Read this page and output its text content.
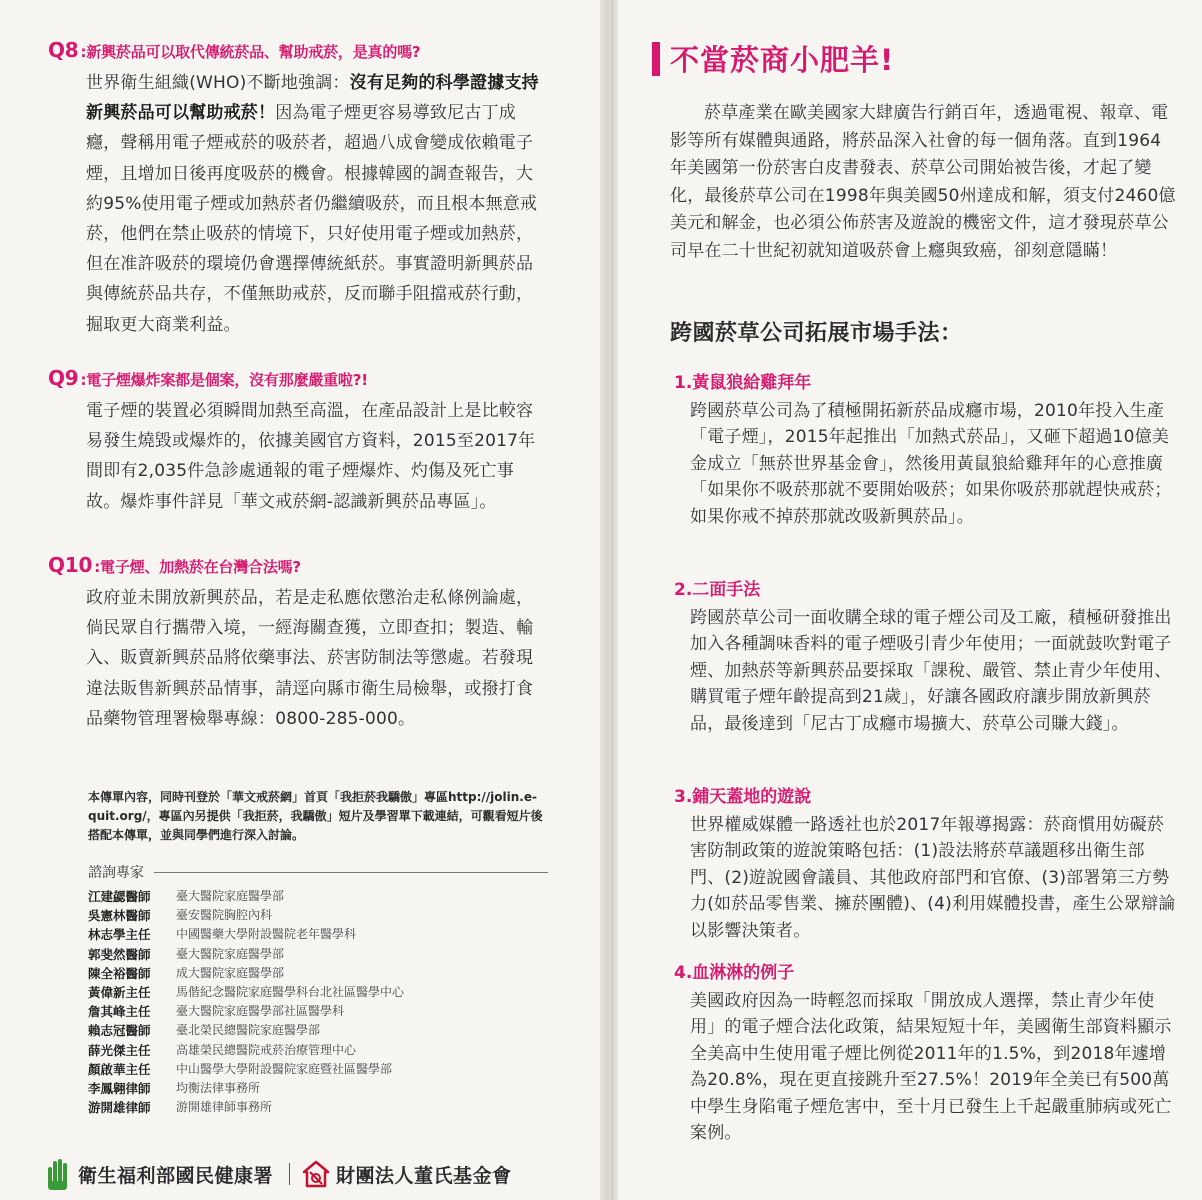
Q8 :新興菸品可以取代傳統菸品、幫助戒菸，是真的嗎?

世界衛生組織(WHO)不斷地強調：沒有足夠的科學證據支持新興菸品可以幫助戒菸！因為電子煙更容易導致尼古丁成癮，聲稱用電子煙戒菸的吸菸者，超過八成會變成依賴電子煙，且增加日後再度吸菸的機會。根據韓國的調查報告，大約95%使用電子煙或加熱菸者仍繼續吸菸，而且根本無意戒菸，他們在禁止吸菸的情境下，只好使用電子煙或加熱菸，但在准許吸菸的環境仍會選擇傳統紙菸。事實證明新興菸品與傳統菸品共存，不僅無助戒菸，反而聯手阻擋戒菸行動，掘取更大商業利益。

Q9 :電子煙爆炸案都是個案，沒有那麼嚴重啦?!

電子煙的裝置必須瞬間加熱至高溫，在產品設計上是比較容易發生燒毀或爆炸的，依據美國官方資料，2015至2017年間即有2,035件急診處通報的電子煙爆炸、灼傷及死亡事故。爆炸事件詳見「華文戒菸網-認識新興菸品專區」。

Q10 :電子煙、加熱菸在台灣合法嗎?

政府並未開放新興菸品，若是走私應依懲治走私條例論處，倘民眾自行攜帶入境，一經海關查獲，立即查扣；製造、輸入、販賣新興菸品將依藥事法、菸害防制法等懲處。若發現違法販售新興菸品情事，請逕向縣市衛生局檢舉，或撥打食品藥物管理署檢舉專線：0800-285-000。

本傳單內容，同時刊登於「華文戒菸網」首頁「我拒菸我驕傲」專區http://jolin.e-quit.org/，專區內另提供「我拒菸，我驕傲」短片及學習單下載連結，可觀看短片後搭配本傳單，並與同學們進行深入討論。

諮詢專家
江建勰醫師	臺大醫院家庭醫學部
吳憲林醫師	臺安醫院胸腔內科
林志學主任	中國醫藥大學附設醫院老年醫學科
郭斐然醫師	臺大醫院家庭醫學部
陳全裕醫師	成大醫院家庭醫學部
黃偉新主任	馬偕紀念醫院家庭醫學科台北社區醫學中心
詹其峰主任	臺大醫院家庭醫學部社區醫學科
賴志冠醫師	臺北榮民總醫院家庭醫學部
薛光傑主任	高雄榮民總醫院戒菸治療管理中心
顏啟華主任	中山醫學大學附設醫院家庭暨社區醫學部
李鳳翱律師	均衡法律事務所
游開雄律師	游開雄律師事務所
衛生福利部國民健康署	財團法人董氏基金會
不當菸商小肥羊!

菸草產業在歐美國家大肆廣告行銷百年，透過電視、報章、電影等所有媒體與通路，將菸品深入社會的每一個角落。直到1964年美國第一份菸害白皮書發表、菸草公司開始被告後，才起了變化，最後菸草公司在1998年與美國50州達成和解，須支付2460億美元和解金，也必須公佈菸害及遊說的機密文件，這才發現菸草公司早在二十世紀初就知道吸菸會上癮與致癌，卻刻意隱瞞！

跨國菸草公司拓展市場手法：
1.黃鼠狼給雞拜年

跨國菸草公司為了積極開拓新菸品成癮市場，2010年投入生產「電子煙」，2015年起推出「加熱式菸品」，又砸下超過10億美金成立「無菸世界基金會」，然後用黃鼠狼給雞拜年的心意推廣「如果你不吸菸那就不要開始吸菸；如果你吸菸那就趕快戒菸；如果你戒不掉菸那就改吸新興菸品」。

2.二面手法

跨國菸草公司一面收購全球的電子煙公司及工廠，積極研發推出加入各種調味香料的電子煙吸引青少年使用；一面就鼓吹對電子煙、加熱菸等新興菸品要採取「課稅、嚴管、禁止青少年使用、購買電子煙年齡提高到21歲」，好讓各國政府讓步開放新興菸品，最後達到「尼古丁成癮市場擴大、菸草公司賺大錢」。

3.鋪天蓋地的遊說

世界權威媒體一路透社也於2017年報導揭露：菸商慣用妨礙菸害防制政策的遊說策略包括：(1)設法將菸草議題移出衛生部門、(2)遊說國會議員、其他政府部門和官僚、(3)部署第三方勢力(如菸品零售業、擁菸團體)、(4)利用媒體投書，產生公眾辯論以影響決策者。

4.血淋淋的例子

美國政府因為一時輕忽而採取「開放成人選擇，禁止青少年使用」的電子煙合法化政策，結果短短十年，美國衛生部資料顯示全美高中生使用電子煙比例從2011年的1.5%，到2018年遽增為20.8%，現在更直接跳升至27.5%！2019年全美已有500萬中學生身陷電子煙危害中，至十月已發生上千起嚴重肺病或死亡案例。
